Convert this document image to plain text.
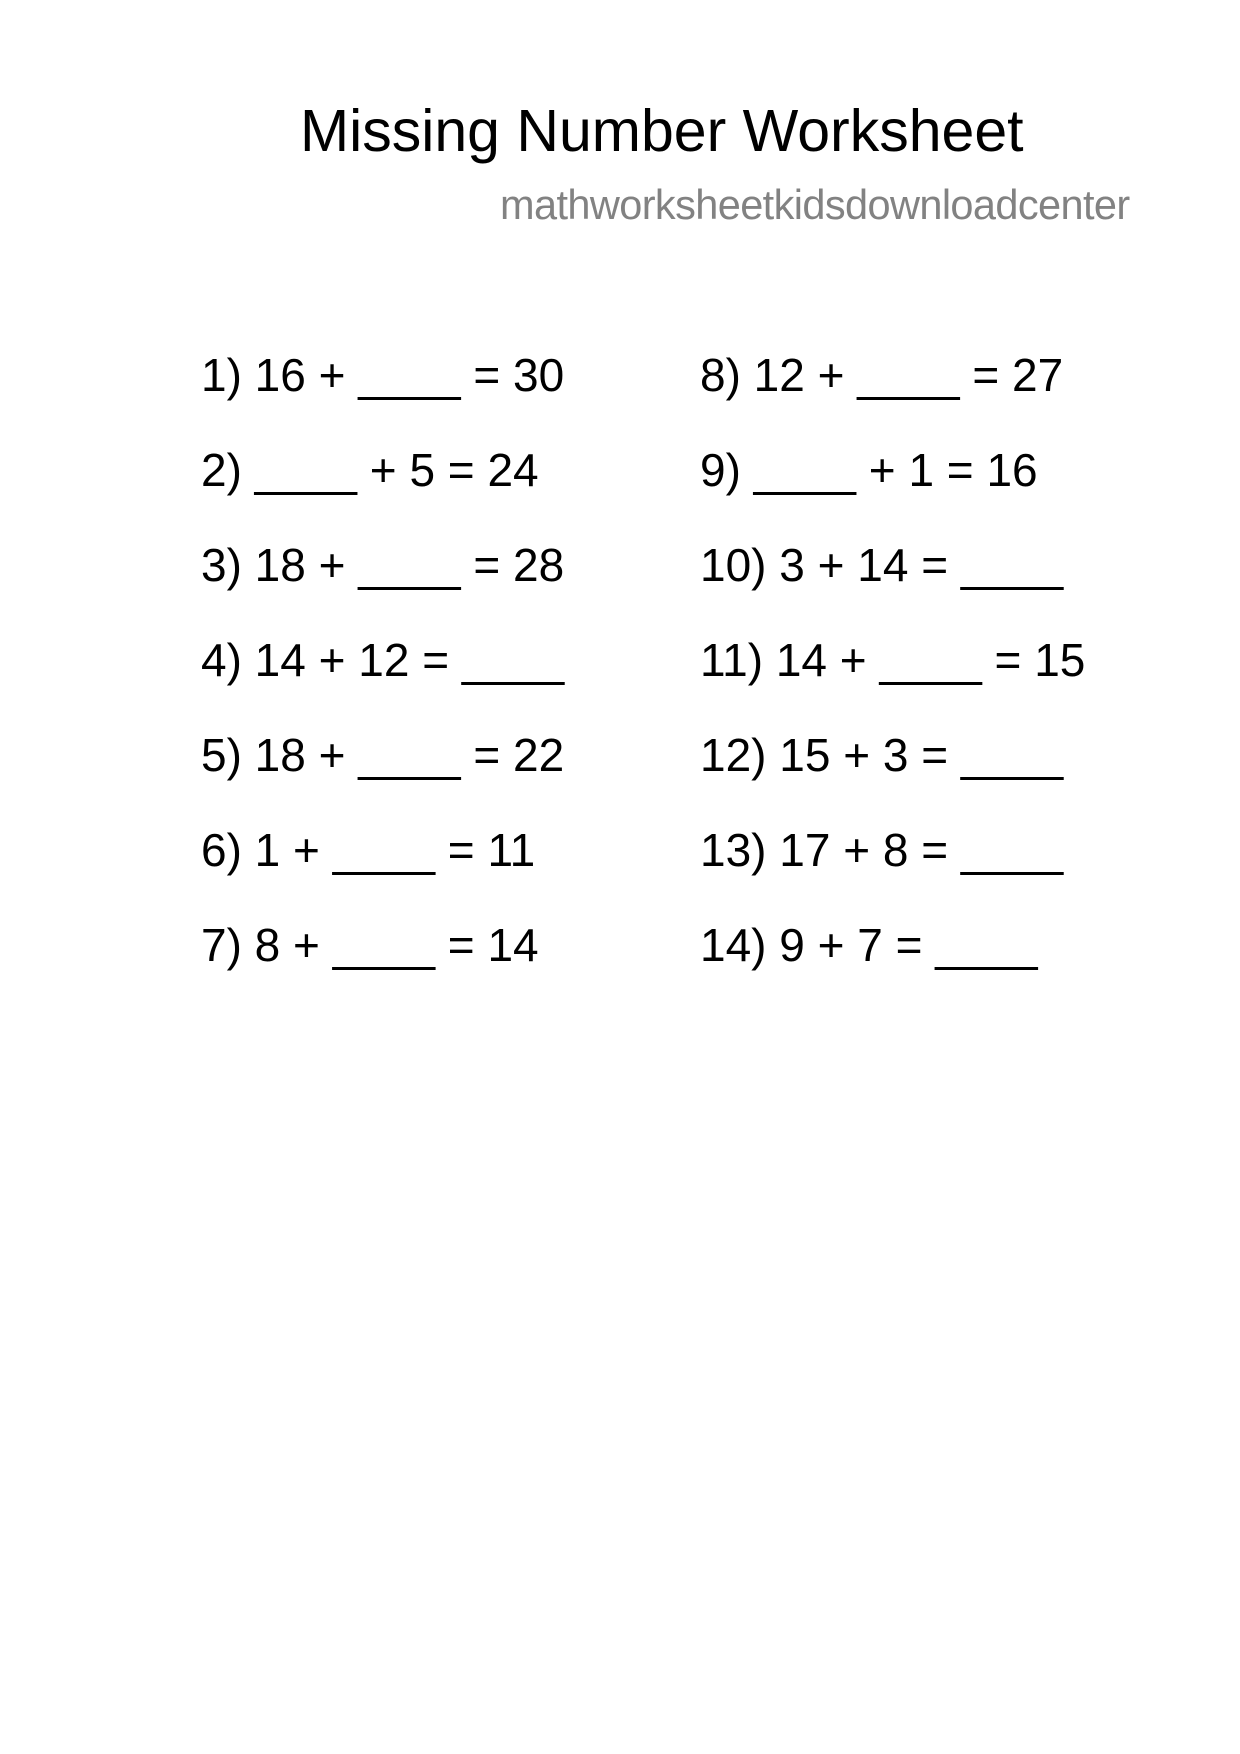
Missing Number Worksheet
mathworksheetkidsdownloadcenter
1) 16 + ____ = 30
2) ____ + 5 = 24
3) 18 + ____ = 28
4) 14 + 12 = ____
5) 18 + ____ = 22
6) 1 + ____ = 11
7) 8 + ____ = 14
8) 12 + ____ = 27
9) ____ + 1 = 16
10) 3 + 14 = ____
11) 14 + ____ = 15
12) 15 + 3 = ____
13) 17 + 8 = ____
14) 9 + 7 = ____
